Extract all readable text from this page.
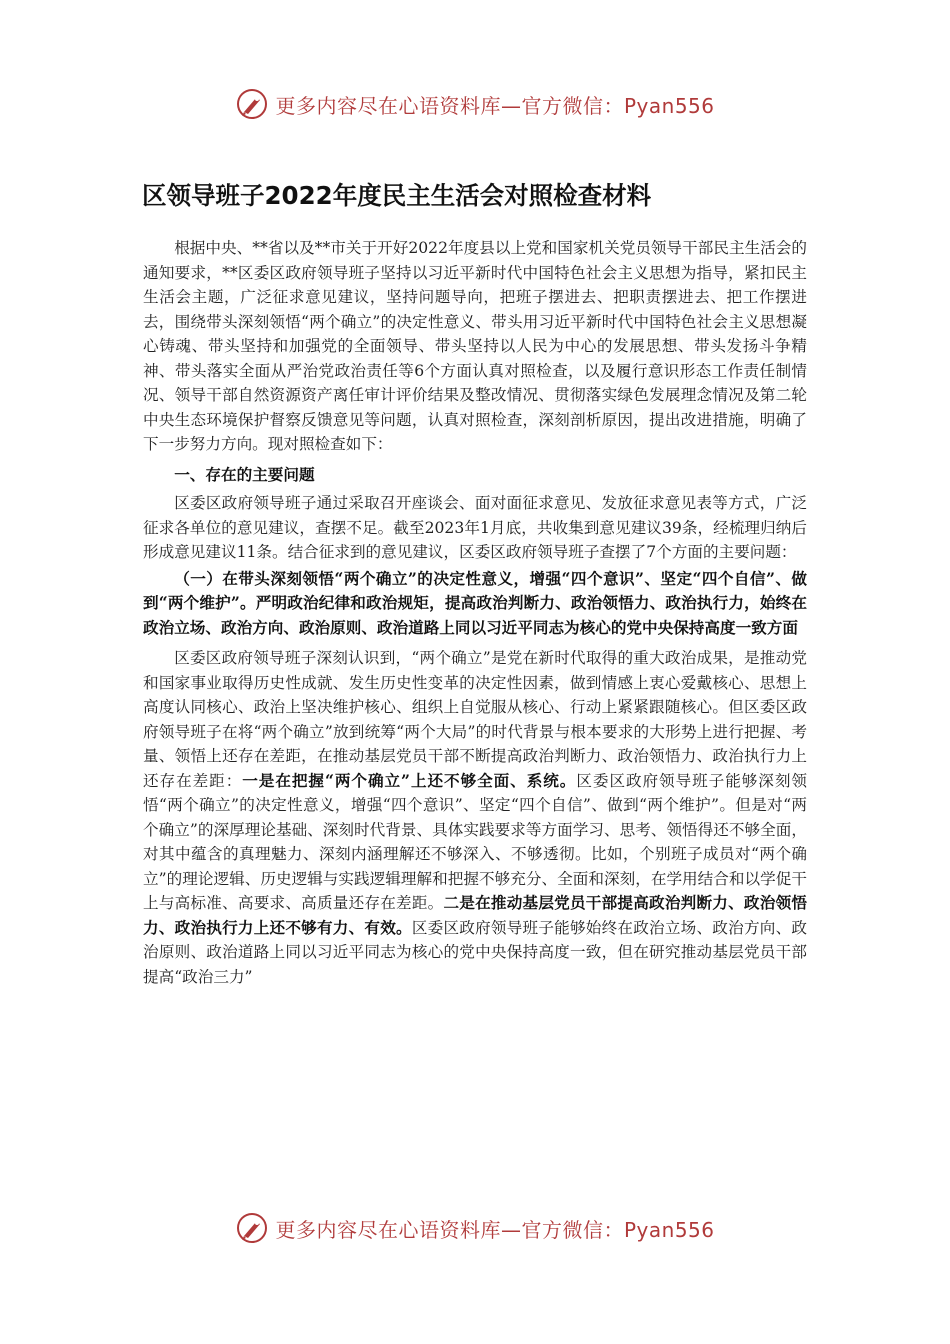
更多内容尽在心语资料库—官方微信：Pyan556
区领导班子2022年度民主生活会对照检查材料

根据中央、**省以及**市关于开好2022年度县以上党和国家机关党员领导干部民主生活会的通知要求，**区委区政府领导班子坚持以习近平新时代中国特色社会主义思想为指导，紧扣民主生活会主题，广泛征求意见建议，坚持问题导向，把班子摆进去、把职责摆进去、把工作摆进去，围绕带头深刻领悟“两个确立”的决定性意义、带头用习近平新时代中国特色社会主义思想凝心铸魂、带头坚持和加强党的全面领导、带头坚持以人民为中心的发展思想、带头发扬斗争精神、带头落实全面从严治党政治责任等6个方面认真对照检查，以及履行意识形态工作责任制情况、领导干部自然资源资产离任审计评价结果及整改情况、贯彻落实绿色发展理念情况及第二轮中央生态环境保护督察反馈意见等问题，认真对照检查，深刻剖析原因，提出改进措施，明确了下一步努力方向。现对照检查如下：

一、存在的主要问题

区委区政府领导班子通过采取召开座谈会、面对面征求意见、发放征求意见表等方式，广泛征求各单位的意见建议，查摆不足。截至2023年1月底，共收集到意见建议39条，经梳理归纳后形成意见建议11条。结合征求到的意见建议，区委区政府领导班子查摆了7个方面的主要问题：

（一）在带头深刻领悟“两个确立”的决定性意义，增强“四个意识”、坚定“四个自信”、做到“两个维护”。严明政治纪律和政治规矩，提高政治判断力、政治领悟力、政治执行力，始终在政治立场、政治方向、政治原则、政治道路上同以习近平同志为核心的党中央保持高度一致方面

区委区政府领导班子深刻认识到，“两个确立”是党在新时代取得的重大政治成果，是推动党和国家事业取得历史性成就、发生历史性变革的决定性因素，做到情感上衷心爱戴核心、思想上高度认同核心、政治上坚决维护核心、组织上自觉服从核心、行动上紧紧跟随核心。但区委区政府领导班子在将“两个确立”放到统筹“两个大局”的时代背景与根本要求的大形势上进行把握、考量、领悟上还存在差距，在推动基层党员干部不断提高政治判断力、政治领悟力、政治执行力上还存在差距：一是在把握“两个确立”上还不够全面、系统。区委区政府领导班子能够深刻领悟“两个确立”的决定性意义，增强“四个意识”、坚定“四个自信”、做到“两个维护”。但是对“两个确立”的深厚理论基础、深刻时代背景、具体实践要求等方面学习、思考、领悟得还不够全面，对其中蕴含的真理魅力、深刻内涵理解还不够深入、不够透彻。比如，个别班子成员对“两个确立”的理论逻辑、历史逻辑与实践逻辑理解和把握不够充分、全面和深刻，在学用结合和以学促干上与高标准、高要求、高质量还存在差距。二是在推动基层党员干部提高政治判断力、政治领悟力、政治执行力上还不够有力、有效。区委区政府领导班子能够始终在政治立场、政治方向、政治原则、政治道路上同以习近平同志为核心的党中央保持高度一致，但在研究推动基层党员干部提高“政治三力”

更多内容尽在心语资料库—官方微信：Pyan556
